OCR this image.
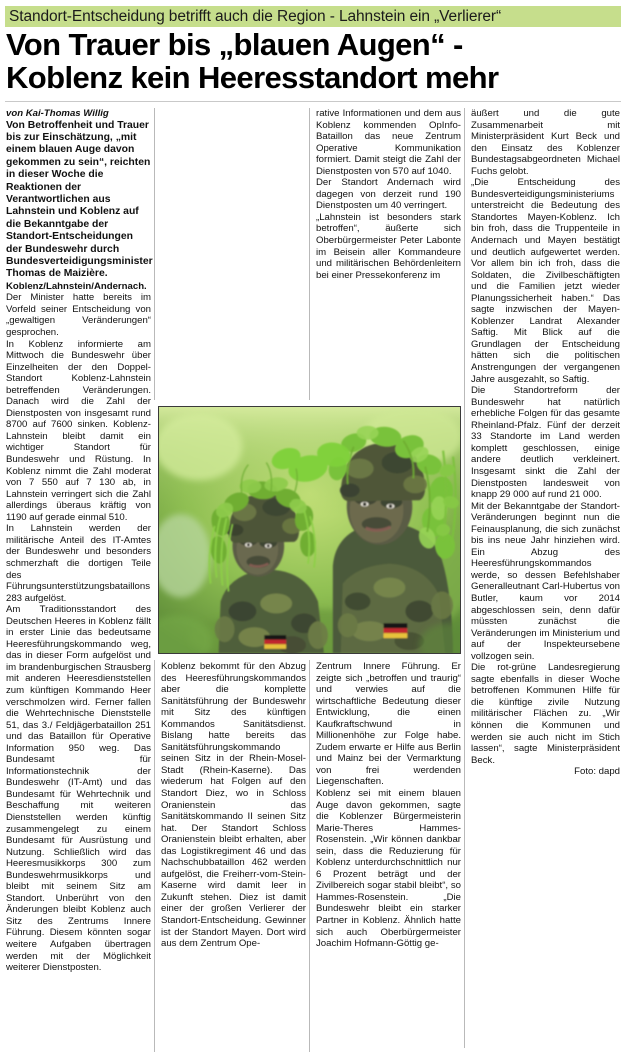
Standort-Entscheidung betrifft auch die Region - Lahnstein ein „Verlierer“
Von Trauer bis „blauen Augen“ -
Koblenz kein Heeresstandort mehr

von Kai-Thomas Willig

Von Betroffenheit und Trauer bis zur Einschätzung, „mit einem blauen Auge davon gekommen zu sein“, reichten in dieser Woche die Reaktionen der Verantwortlichen aus Lahnstein und Koblenz auf die Bekanntgabe der Standort-Entscheidungen der Bundeswehr durch Bundesverteidigungsminister Thomas de Maizière.

Koblenz/Lahnstein/Andernach. Der Minister hatte bereits im Vorfeld seiner Entscheidung von „gewaltigen Veränderungen“ gesprochen.

In Koblenz informierte am Mittwoch die Bundeswehr über Einzelheiten der den Doppel-Standort Koblenz-Lahnstein betreffenden Veränderungen. Danach wird die Zahl der Dienstposten von insgesamt rund 8700 auf 7600 sinken. Koblenz-Lahnstein bleibt damit ein wichtiger Standort für Bundeswehr und Rüstung. In Koblenz nimmt die Zahl moderat von 7 550 auf 7 130 ab, in Lahnstein verringert sich die Zahl allerdings überaus kräftig von 1190 auf gerade einmal 510.

In Lahnstein werden der militärische Anteil des IT-Amtes der Bundeswehr und besonders schmerzhaft die dortigen Teile des Führungsunterstützungsbataillons 283 aufgelöst.

Am Traditionsstandort des Deutschen Heeres in Koblenz fällt in erster Linie das bedeutsame Heeresführungskommando weg, das in dieser Form aufgelöst und im brandenburgischen Strausberg mit anderen Heeresdienststellen zum künftigen Kommando Heer verschmolzen wird. Ferner fallen die Wehrtechnische Dienststelle 51, das 3./ Feldjägerbataillon 251 und das Bataillon für Operative Information 950 weg. Das Bundesamt für Informationstechnik der Bundeswehr (IT-Amt) und das Bundesamt für Wehrtechnik und Beschaffung mit weiteren Dienststellen werden künftig zusammengelegt zu einem Bundesamt für Ausrüstung und Nutzung. Schließlich wird das Heeresmusikkorps 300 zum Bundeswehrmusikkorps und bleibt mit seinem Sitz am Standort. Unberührt von den Änderungen bleibt Koblenz auch Sitz des Zentrums Innere Führung. Diesem könnten sogar weitere Aufgaben übertragen werden mit der Möglichkeit weiterer Dienstposten.

rative Informationen und dem aus Koblenz kommenden OpInfo-Bataillon das neue Zentrum Operative Kommunikation formiert. Damit steigt die Zahl der Dienstposten von 570 auf 1040.

Der Standort Andernach wird dagegen von derzeit rund 190 Dienstposten um 40 verringert.

„Lahnstein ist besonders stark betroffen“, äußerte sich Oberbürgermeister Peter Labonte im Beisein aller Kommandeure und militärischen Behördenleitern bei einer Pressekonferenz im

Koblenz bekommt für den Abzug des Heeresführungskommandos aber die komplette Sanitätsführung der Bundeswehr mit Sitz des künftigen Kommandos Sanitätsdienst. Bislang hatte bereits das Sanitätsführungskommando seinen Sitz in der Rhein-Mosel-Stadt (Rhein-Kaserne). Das wiederum hat Folgen auf den Standort Diez, wo in Schloss Oranienstein das Sanitätskommando II seinen Sitz hat. Der Standort Schloss Oranienstein bleibt erhalten, aber das Logistikregiment 46 und das Nachschubbataillon 462 werden aufgelöst, die Freiherr-vom-Stein-Kaserne wird damit leer in Zukunft stehen. Diez ist damit einer der großen Verlierer der Standort-Entscheidung. Gewinner ist der Standort Mayen. Dort wird aus dem Zentrum Ope-

Zentrum Innere Führung. Er zeigte sich „betroffen und traurig“ und verwies auf die wirtschaftliche Bedeutung dieser Entwicklung, die einen Kaufkraftschwund in Millionenhöhe zur Folge habe. Zudem erwarte er Hilfe aus Berlin und Mainz bei der Vermarktung von frei werdenden Liegenschaften.

Koblenz sei mit einem blauen Auge davon gekommen, sagte die Koblenzer Bürgermeisterin Marie-Theres Hammes-Rosenstein. „Wir können dankbar sein, dass die Reduzierung für Koblenz unterdurchschnittlich nur 6 Prozent beträgt und der Zivilbereich sogar stabil bleibt“, so Hammes-Rosenstein. „Die Bundeswehr bleibt ein starker Partner in Koblenz. Ähnlich hatte sich auch Oberbürgermeister Joachim Hofmann-Göttig ge-

äußert und die gute Zusammenarbeit mit Ministerpräsident Kurt Beck und den Einsatz des Koblenzer Bundestagsabgeordneten Michael Fuchs gelobt.

„Die Entscheidung des Bundesverteidigungsministeriums unterstreicht die Bedeutung des Standortes Mayen-Koblenz. Ich bin froh, dass die Truppenteile in Andernach und Mayen bestätigt und deutlich aufgewertet werden. Vor allem bin ich froh, dass die Soldaten, die Zivilbeschäftigten und die Familien jetzt wieder Planungssicherheit haben.“ Das sagte inzwischen der Mayen-Koblenzer Landrat Alexander Saftig. Mit Blick auf die Grundlagen der Entscheidung hätten sich die politischen Anstrengungen der vergangenen Jahre ausgezahlt, so Saftig.

Die Standortreform der Bundeswehr hat natürlich erhebliche Folgen für das gesamte Rheinland-Pfalz. Fünf der derzeit 33 Standorte im Land werden komplett geschlossen, einige andere deutlich verkleinert. Insgesamt sinkt die Zahl der Dienstposten landesweit von knapp 29 000 auf rund 21 000.

Mit der Bekanntgabe der Standort-Veränderungen beginnt nun die Feinausplanung, die sich zunächst bis ins neue Jahr hinziehen wird. Ein Abzug des Heeresführungskommandos werde, so dessen Befehlshaber Generalleutnant Carl-Hubertus von Butler, kaum vor 2014 abgeschlossen sein, denn dafür müssten zunächst die Veränderungen im Ministerium und auf der Inspekteursebene vollzogen sein.

Die rot-grüne Landesregierung sagte ebenfalls in dieser Woche betroffenen Kommunen Hilfe für die künftige zivile Nutzung militärischer Flächen zu. „Wir können die Kommunen und werden sie auch nicht im Stich lassen“, sagte Ministerpräsident Beck.

Foto: dapd
